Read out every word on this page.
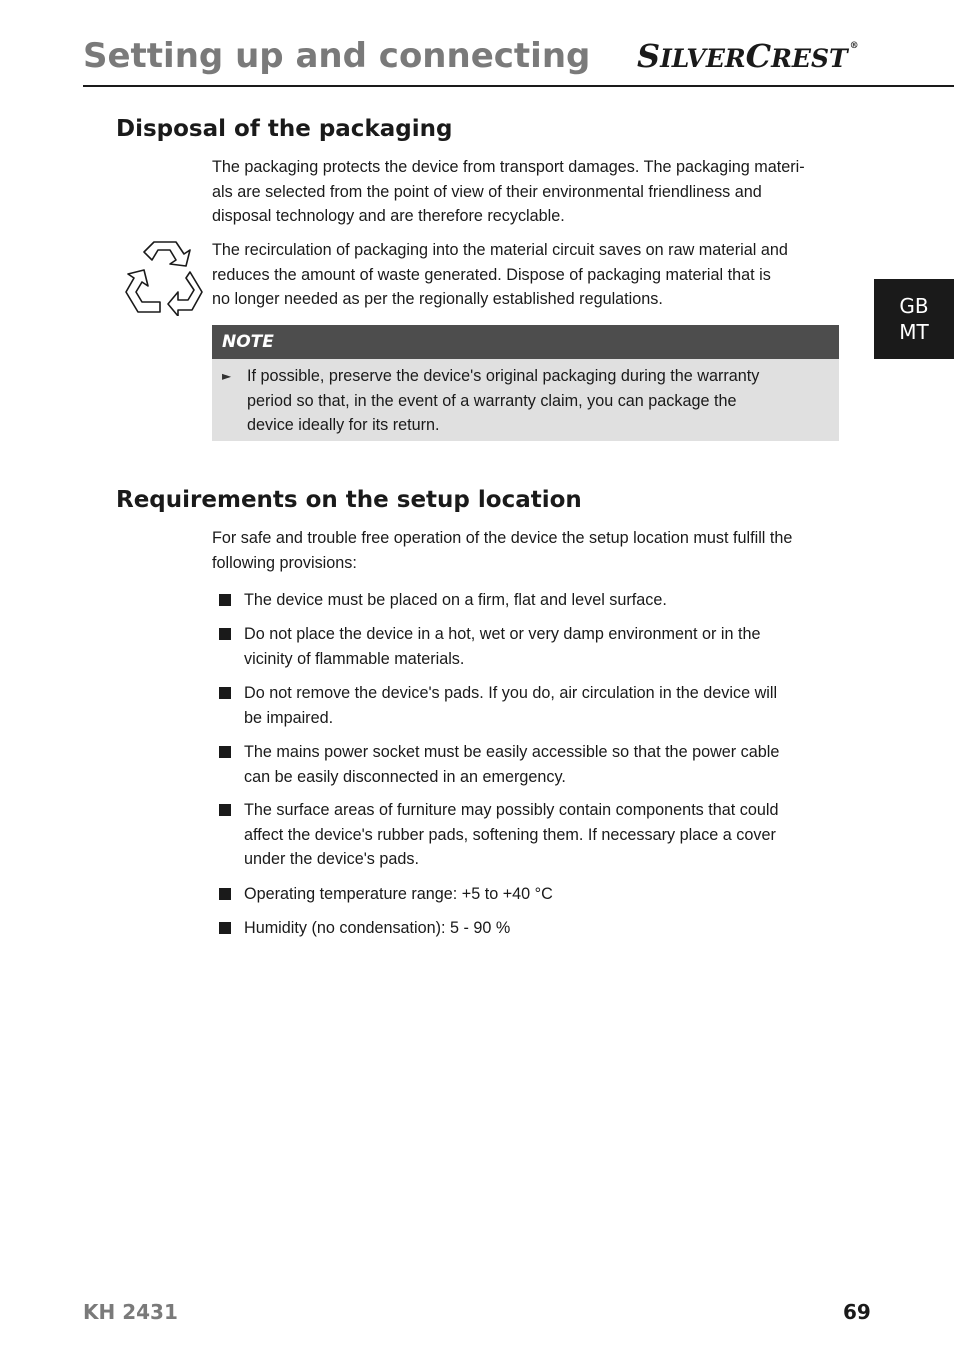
Setting up and connecting SILVERCREST ®
GB
MT
Disposal of the packaging
The packaging protects the device from transport damages. The packaging materi-
als are selected from the point of view of their environmental friendliness and
disposal technology and are therefore recyclable.
The recirculation of packaging into the material circuit saves on raw material and
reduces the amount of waste generated. Dispose of packaging material that is
no longer needed as per the regionally established regulations.
NOTE
► If possible, preserve the device's original packaging during the warranty
period so that, in the event of a warranty claim, you can package the
device ideally for its return.
Requirements on the setup location
For safe and trouble free operation of the device the setup location must fulfill the
following provisions:
The device must be placed on a firm, flat and level surface.
Do not place the device in a hot, wet or very damp environment or in the
vicinity of flammable materials.
Do not remove the device's pads. If you do, air circulation in the device will
be impaired.
The mains power socket must be easily accessible so that the power cable
can be easily disconnected in an emergency.
The surface areas of furniture may possibly contain components that could
affect the device's rubber pads, softening them. If necessary place a cover
under the device's pads.
Operating temperature range: +5 to +40 °C
Humidity (no condensation): 5 - 90 %
KH 2431	69
